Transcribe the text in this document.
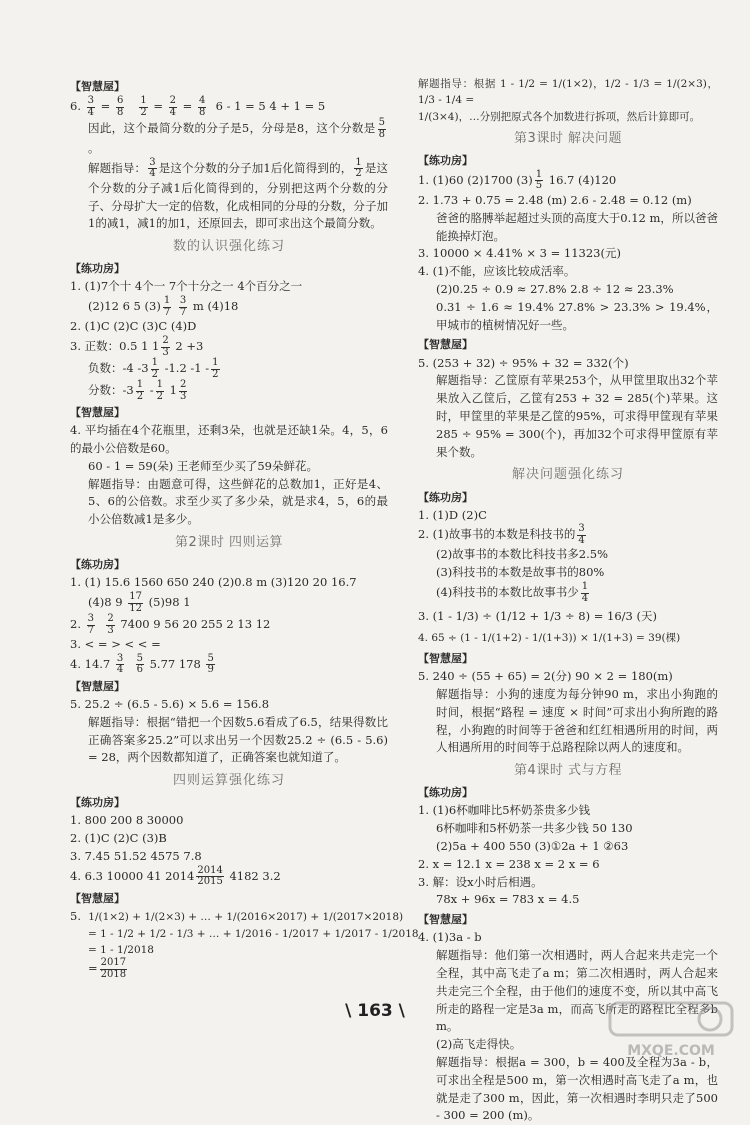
【智慧屋】
6. $\frac{3}{4} = \frac{6}{8}$
$\frac{1}{2} = \frac{2}{4} = \frac{4}{8} 6 - 1 = 5$ 4 + 1 = 5
因此，这个最简分数的分子是5，分母是8，这个分数是 $\frac{5}{8}$
。
解题指导： $\frac{3}{4}$ 是这个分数的分子加1后化简得到的， $\frac{1}{2}$ 是这个分数的分子减1后化简得到的，分别把这两个分数的分子、分母扩大一定的倍数，化成相同的分母的分数，分子加1的减1，减1的加1，还原回去，即可求出这个最简分数。
数的认识强化练习
【练功房】
1. (1)7个十 4个一 7个十分之一 4个百分之一
(2)12 6 5 $(3) \frac{1}{7}$
$\frac{3}{7}$ m (4)18
2. (1)C (2)C (3)C (4)D
3. 正数：0.5 1 $1 \frac{2}{3} 2 +3$
负数：-4 $-3 \frac{1}{2} -1.2$ $-1 - \frac{1}{2}$
分数：$-3 \frac{1}{2} - \frac{1}{2} 1 \frac{2}{3}$
【智慧屋】
4. 平均插在4个花瓶里，还剩3朵，也就是还缺1朵。4，5，6的最小公倍数是60。
60 - 1 = 59(朵) 王老师至少买了59朵鲜花。
解题指导：由题意可得，这些鲜花的总数加1，正好是4、5、6的公倍数。求至少买了多少朵，就是求4，5，6的最小公倍数减1是多少。
第2课时 四则运算
【练功房】
1. (1) 15.6 1560 650 240 (2)0.8 m (3)120 20 16.7
(4)8 $9 \frac{17}{12} (5)98$ 1
2. $\frac{3}{7}$
$\frac{2}{3} 7400$ 9 56 20 255 2 13 12
3. < = > < < =
4. $14.7 \frac{3}{4}$
$\frac{5}{6} 5.77$ $178 \frac{5}{9}$
【智慧屋】
5. 25.2 ÷ (6.5 - 5.6) × 5.6 = 156.8
解题指导：根据“错把一个因数5.6看成了6.5，结果得数比正确答案多25.2”可以求出另一个因数25.2 ÷ (6.5 - 5.6) = 28，两个因数都知道了，正确答案也就知道了。
四则运算强化练习
【练功房】
1. 800 200 8 30000
2. (1)C (2)C (3)B
3. 7.45 51.52 4575 7.8
4. 6.3 10000 41 $2014 \frac{2014}{2015} 4182$ 3.2
【智慧屋】
5. 1/(1×2) + 1/(2×3) + … + 1/(2016×2017) + 1/(2017×2018)
= 1 - 1/2 + 1/2 - 1/3 + … + 1/2016 - 1/2017 + 1/2017 - 1/2018
= 1 - 1/2018
= $\frac{2017}{2018}$
解题指导：根据 1 - 1/2 = 1/(1×2)，1/2 - 1/3 = 1/(2×3)，1/3 - 1/4 =
1/(3×4)，…分别把原式各个加数进行拆项，然后计算即可。
第3课时 解决问题
【练功房】
1. (1)60 (2)1700 $(3) \frac{1}{5} 16.7$ (4)120
2. 1.73 + 0.75 = 2.48 (m) 2.6 - 2.48 = 0.12 (m)
爸爸的胳膊举起超过头顶的高度大于0.12 m，所以爸爸能换掉灯泡。
3. 10000 × 4.41% × 3 = 11323(元)
4. (1)不能，应该比较成活率。
(2)0.25 ÷ 0.9 ≈ 27.8% 2.8 ÷ 12 ≈ 23.3%
0.31 ÷ 1.6 ≈ 19.4% 27.8% > 23.3% > 19.4%，甲城市的植树情况好一些。
【智慧屋】
5. (253 + 32) ÷ 95% + 32 = 332(个)
解题指导：乙筐原有苹果253个，从甲筐里取出32个苹果放入乙筐后，乙筐有253 + 32 = 285(个)苹果。这时，甲筐里的苹果是乙筐的95%，可求得甲筐现有苹果285 ÷ 95% = 300(个)，再加32个可求得甲筐原有苹果个数。
解决问题强化练习
【练功房】
1. (1)D (2)C
2. (1)故事书的本数是科技书的 $\frac{3}{4}$
(2)故事书的本数比科技书多2.5%
(3)科技书的本数是故事书的80%
(4)科技书的本数比故事书少 $\frac{1}{4}$
3. (1 - 1/3) ÷ (1/12 + 1/3 ÷ 8) = 16/3 (天)
4. 65 ÷ (1 - 1/(1+2) - 1/(1+3)) × 1/(1+3) = 39(棵)
【智慧屋】
5. 240 ÷ (55 + 65) = 2(分) 90 × 2 = 180(m)
解题指导：小狗的速度为每分钟90 m，求出小狗跑的时间，根据“路程 = 速度 × 时间”可求出小狗所跑的路程，小狗跑的时间等于爸爸和红红相遇所用的时间，两人相遇所用的时间等于总路程除以两人的速度和。
第4课时 式与方程
【练功房】
1. (1)6杯咖啡比5杯奶茶贵多少钱
6杯咖啡和5杯奶茶一共多少钱 50 130
(2)5a + 400 550 (3)①2a + 1 ②63
2. x = 12.1 x = 238 x = 2 x = 6
3. 解：设x小时后相遇。
78x + 96x = 783 x = 4.5
【智慧屋】
4. (1)3a - b
解题指导：他们第一次相遇时，两人合起来共走完一个全程，其中高飞走了a m；第二次相遇时，两人合起来共走完三个全程，由于他们的速度不变，所以其中高飞所走的路程一定是3a m，而高飞所走的路程比全程多b m。
(2)高飞走得快。
解题指导：根据a = 300，b = 400及全程为3a - b，可求出全程是500 m，第一次相遇时高飞走了a m，也就是走了300 m，因此，第一次相遇时李明只走了500 - 300 = 200 (m)。
\ 163 \
MXQE.COM
